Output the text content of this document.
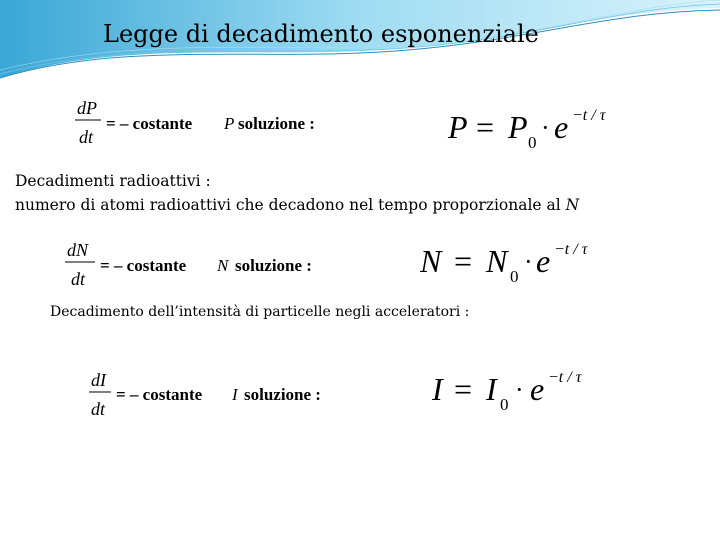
Legge di decadimento esponenziale
dP
dt
= – costante P soluzione :	P = P 0
· e −t / τ
Decadimenti radioattivi :
numero di atomi radioattivi che decadono nel tempo proporzionale al N
dN
dt
= – costante N soluzione :	N = N 0
· e −t / τ
Decadimento dell’intensità di particelle negli acceleratori :
dI
dt
= – costante I soluzione :	I = I 0
· e −t / τ
